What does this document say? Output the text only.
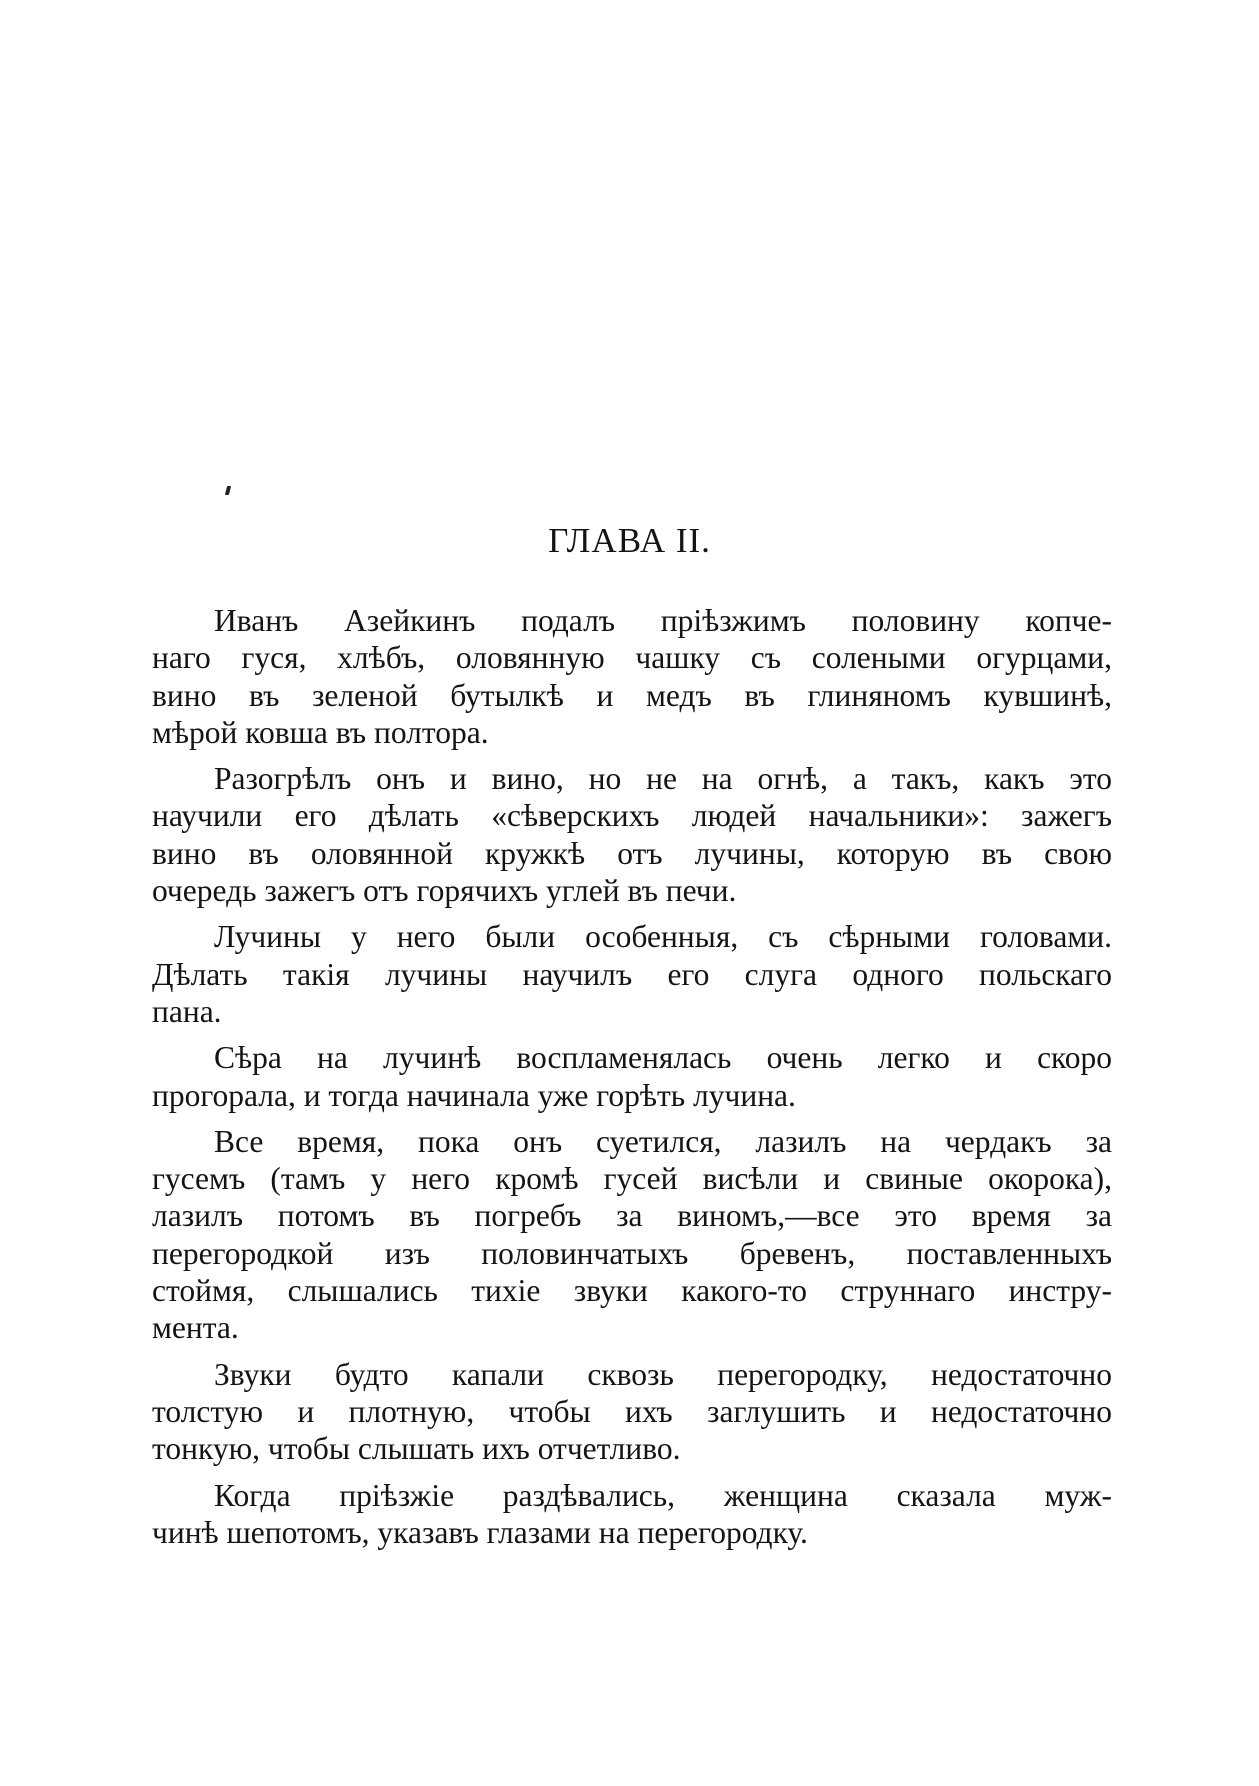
ГЛАВА II.

Иванъ Азейкинъ подалъ прiѣзжимъ половину копче-
наго гуся, хлѣбъ, оловянную чашку съ солеными огурцами,
вино въ зеленой бутылкѣ и медъ въ глиняномъ кувшинѣ,
мѣрой ковша въ полтора.

Разогрѣлъ онъ и вино, но не на огнѣ, а такъ, какъ это
научили его дѣлать «сѣверскихъ людей начальники»: зажегъ
вино въ оловянной кружкѣ отъ лучины, которую въ свою
очередь зажегъ отъ горячихъ углей въ печи.

Лучины у него были особенныя, съ сѣрными головами.
Дѣлать такiя лучины научилъ его слуга одного польскаго
пана.

Сѣра на лучинѣ воспламенялась очень легко и скоро
прогорала, и тогда начинала уже горѣть лучина.

Все время, пока онъ суетился, лазилъ на чердакъ за
гусемъ (тамъ у него кромѣ гусей висѣли и свиные окорока),
лазилъ потомъ въ погребъ за виномъ,—все это время за
перегородкой изъ половинчатыхъ бревенъ, поставленныхъ
стоймя, слышались тихiе звуки какого-то струннаго инстру-
мента.

Звуки будто капали сквозь перегородку, недостаточно
толстую и плотную, чтобы ихъ заглушить и недостаточно
тонкую, чтобы слышать ихъ отчетливо.

Когда прiѣзжiе раздѣвались, женщина сказала муж-
чинѣ шепотомъ, указавъ глазами на перегородку.
